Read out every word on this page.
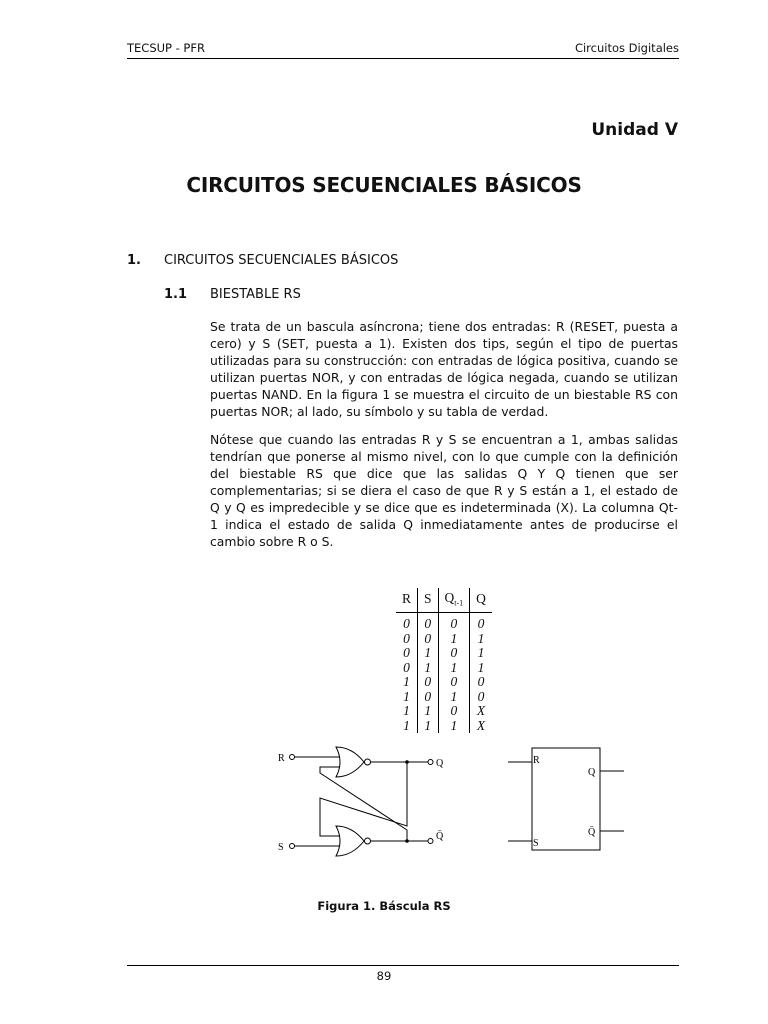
TECSUP - PFR	Circuitos Digitales
Unidad V
CIRCUITOS SECUENCIALES BÁSICOS
1. CIRCUITOS SECUENCIALES BÁSICOS
1.1 BIESTABLE RS
Se trata de un bascula asíncrona; tiene dos entradas: R (RESET, puesta a cero) y S (SET, puesta a 1). Existen dos tips, según el tipo de puertas utilizadas para su construcción: con entradas de lógica positiva, cuando se utilizan puertas NOR, y con entradas de lógica negada, cuando se utilizan puertas NAND. En la figura 1 se muestra el circuito de un biestable RS con puertas NOR; al lado, su símbolo y su tabla de verdad.
Nótese que cuando las entradas R y S se encuentran a 1, ambas salidas tendrían que ponerse al mismo nivel, con lo que cumple con la definición del biestable RS que dice que las salidas Q Y Q tienen que ser complementarias; si se diera el caso de que R y S están a 1, el estado de Q y Q es impredecible y se dice que es indeterminada (X). La columna Qt-1 indica el estado de salida Q inmediatamente antes de producirse el cambio sobre R o S.
R	S	$Q_{t-1}$	Q
0	0	0	0
0	0	1	1
0	1	0	1
0	1	1	1
1	0	0	0
1	0	1	0
1	1	0	X
1	1	1	X
R
S
Q
Q̄
R
S
Q
Q̄
Figura 1. Báscula RS
89
